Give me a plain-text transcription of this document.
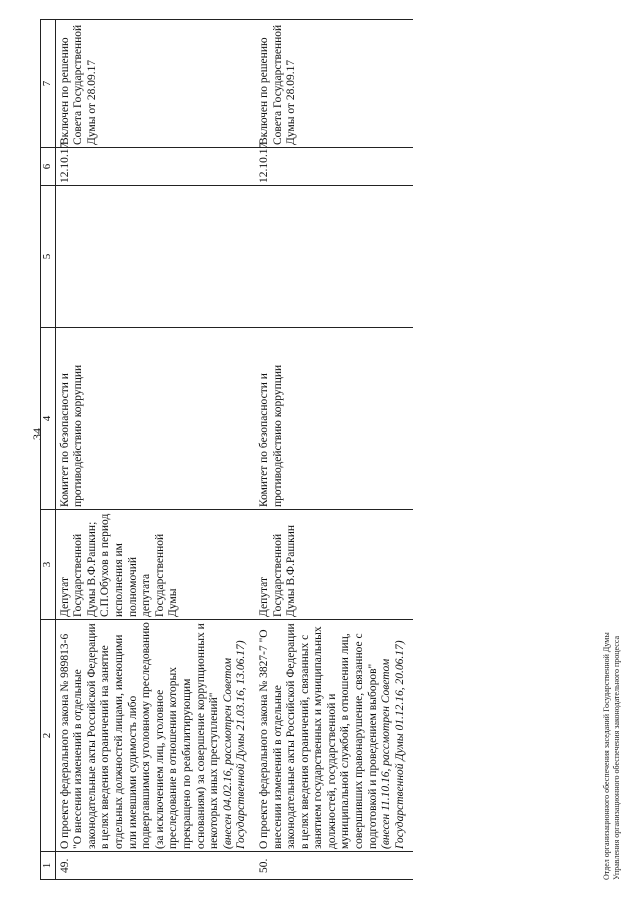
34
1	2	3	4	5	6	7
49.	О проекте федерального закона № 989813-6 "О внесении изменений в отдельные законодательные акты Российской Федерации в целях введения ограничений на занятие отдельных должностей лицами, имеющими или имевшими судимость либо подвергавшимися уголовному преследованию (за исключением лиц, уголовное преследование в отношении которых прекращено по реабилитирующим основаниям) за совершение коррупционных и некоторых иных преступлений" (внесен 04.02.16, рассмотрен Советом Государственной Думы 21.03.16, 13.06.17)	Депутат Государственной Думы В.Ф.Рашкин; С.П.Обухов в период исполнения им полномочий депутата Государственной Думы	Комитет по безопасности и противодействию коррупции		12.10.17	Включен по решению Совета Государственной Думы от 28.09.17
50.	О проекте федерального закона № 3827-7 "О внесении изменений в отдельные законодательные акты Российской Федерации в целях введения ограничений, связанных с занятием государственных и муниципальных должностей, государственной и муниципальной службой, в отношении лиц, совершивших правонарушение, связанное с подготовкой и проведением выборов" (внесен 11.10.16, рассмотрен Советом Государственной Думы 01.12.16, 20.06.17)	Депутат Государственной Думы В.Ф.Рашкин	Комитет по безопасности и противодействию коррупции		12.10.17	Включен по решению Совета Государственной Думы от 28.09.17
Отдел организационного обеспечения заседаний Государственной Думы Управления организационного обеспечения законодательного процесса
